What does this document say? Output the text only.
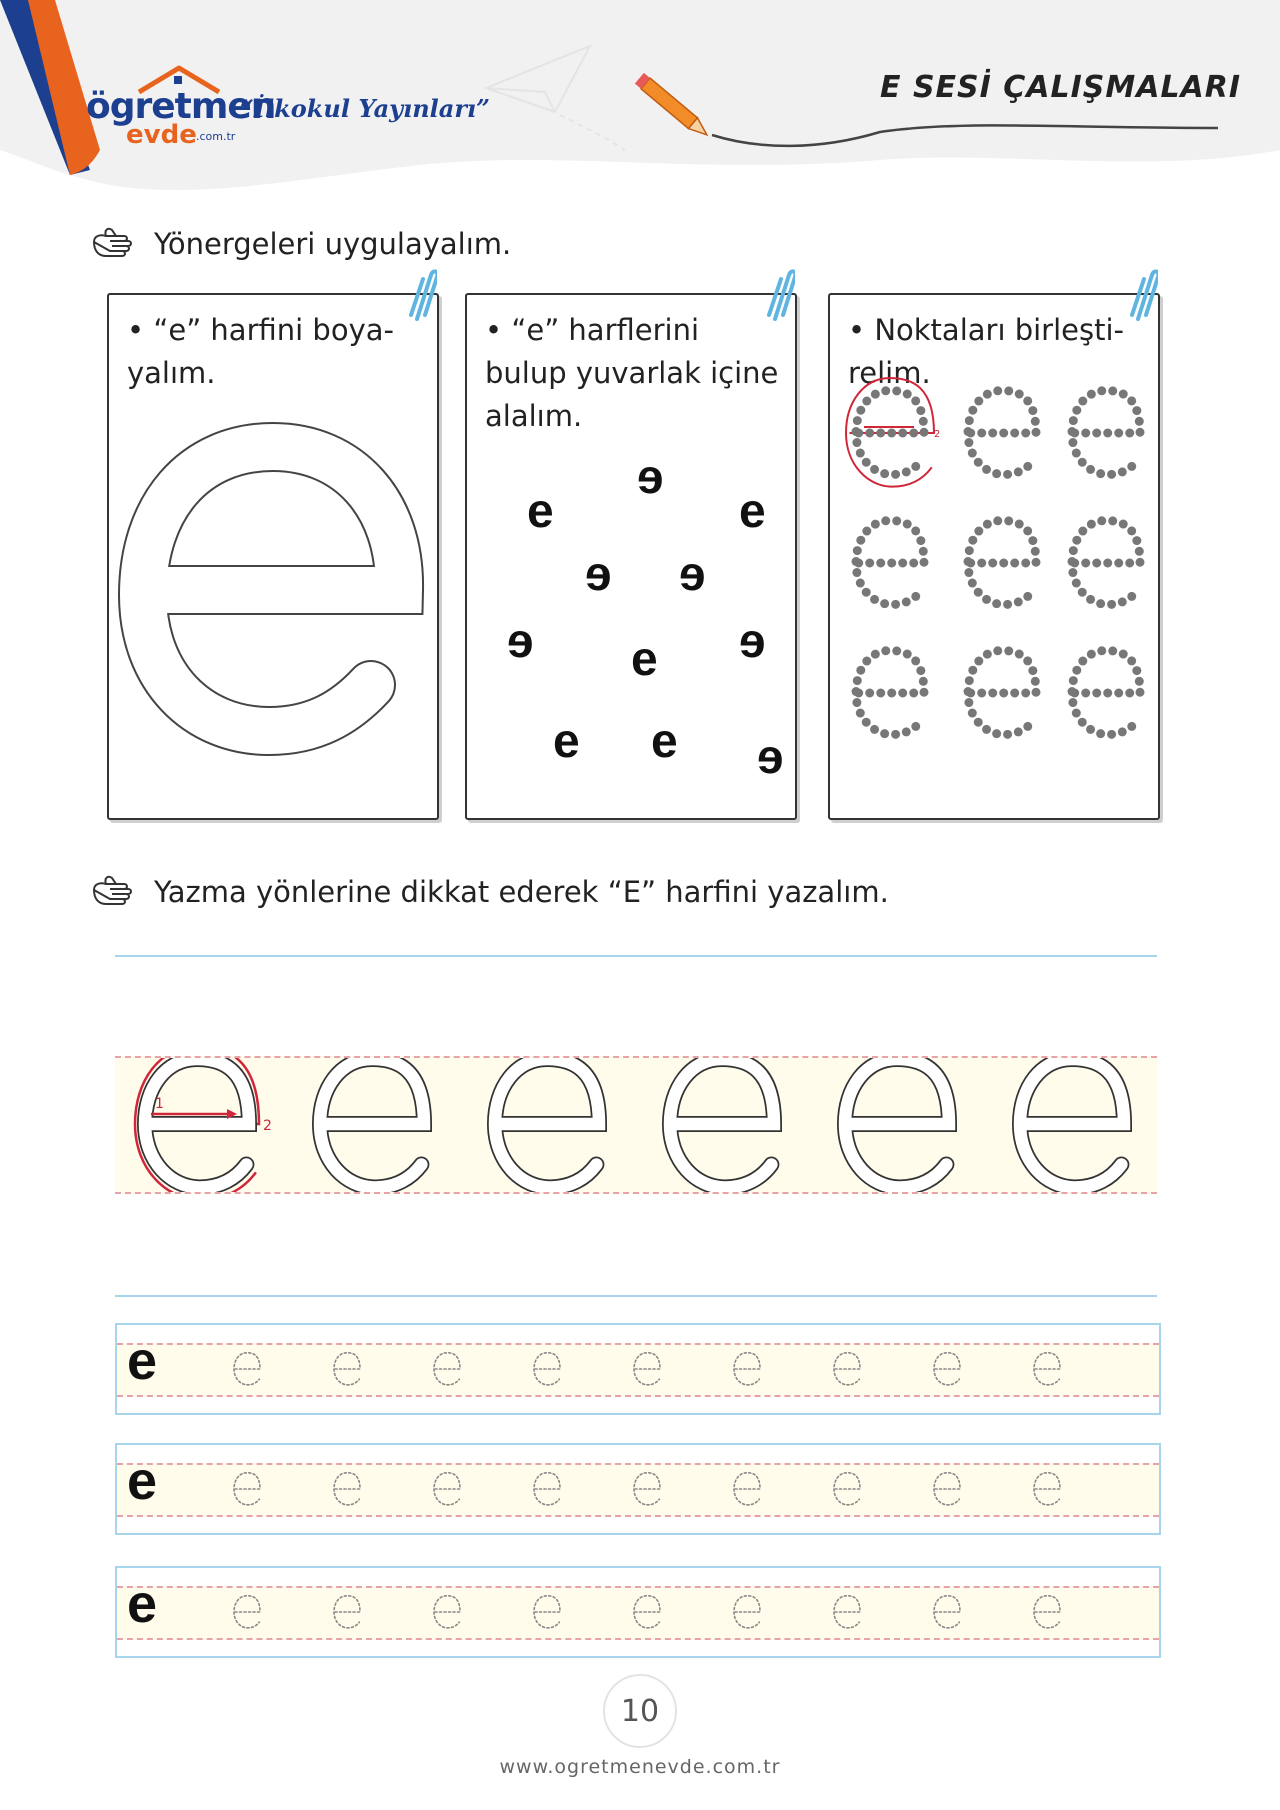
ögretmen
evde .com.tr
“İlkokul Yayınları”
E SESİ ÇALIŞMALARI
Yönergeleri uygulayalım.
• “e” harfini boya-
yalım.
• “e” harflerini
bulup yuvarlak içine
alalım.
ɘ
e	e
ɘ ɘ
ɘ e ɘ
e e ɘ
• Noktaları birleşti-
relim.
2
Yazma yönlerine dikkat ederek “E” harfini yazalım.
1
2
e
e
e
10
www.ogretmenevde.com.tr
